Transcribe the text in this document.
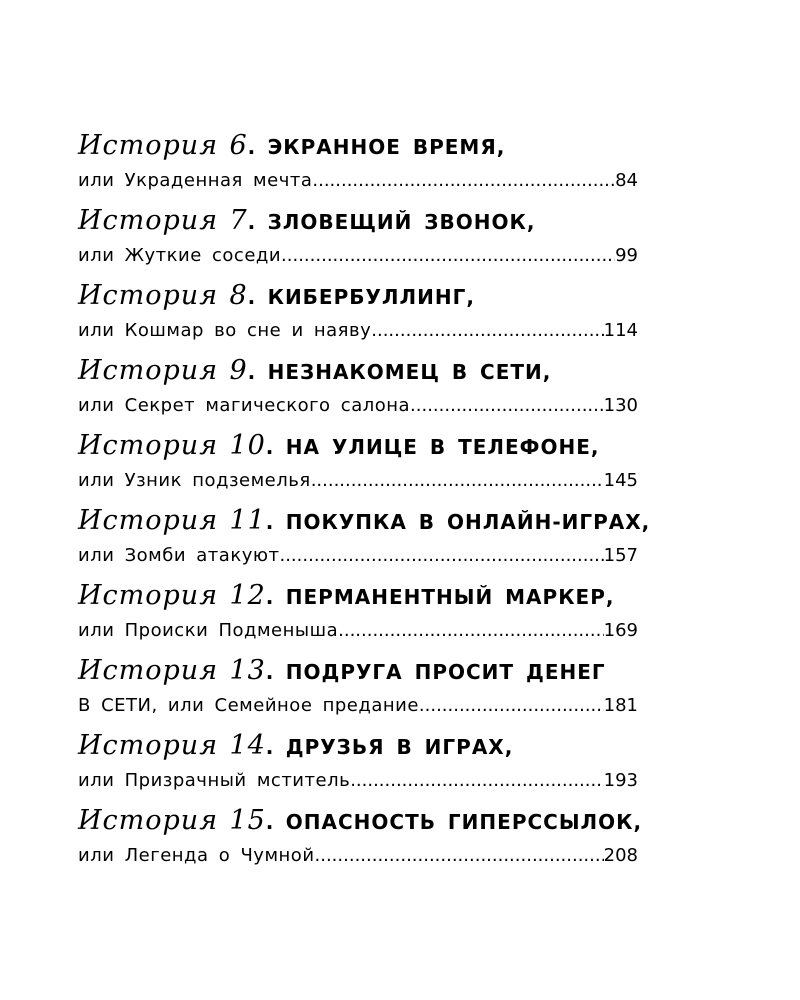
История 6. ЭКРАННОЕ ВРЕМЯ,
или Украденная мечта .....	84
История 7. ЗЛОВЕЩИЙ ЗВОНОК,
или Жуткие соседи .....	99
История 8. КИБЕРБУЛЛИНГ,
или Кошмар во сне и наяву .....	114
История 9. НЕЗНАКОМЕЦ В СЕТИ,
или Секрет магического салона .....	130
История 10. НА УЛИЦЕ В ТЕЛЕФОНЕ,
или Узник подземелья .....	145
История 11. ПОКУПКА В ОНЛАЙН-ИГРАХ,
или Зомби атакуют .....	157
История 12. ПЕРМАНЕНТНЫЙ МАРКЕР,
или Происки Подменыша .....	169
История 13. ПОДРУГА ПРОСИТ ДЕНЕГ
В СЕТИ, или Семейное предание .....	181
История 14. ДРУЗЬЯ В ИГРАХ,
или Призрачный мститель .....	193
История 15. ОПАСНОСТЬ ГИПЕРССЫЛОК,
или Легенда о Чумной .....	208
